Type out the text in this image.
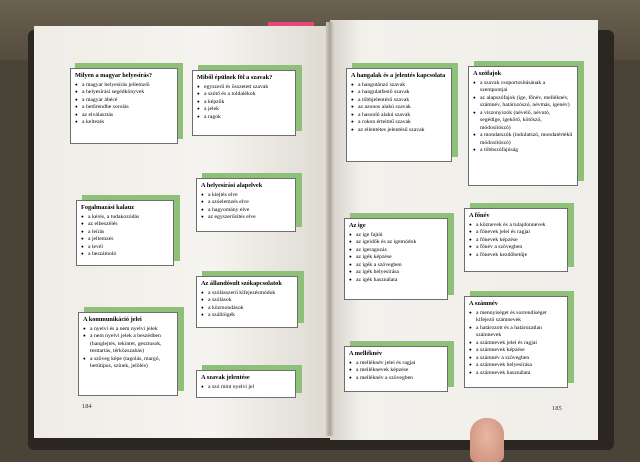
Milyen a magyar helyesírás?
● a magyar helyesírás jellemzői
● a helyesírási segédkönyvek
● a magyar ábécé
● a betűrendbe sorolás
● az elválasztás
● a keltezés
Miből épülnek föl a szavak?
● egyszerű és összetett szavak
● a szótő és a toldalékok
● a képzők
● a jelek
● a ragok
Fogalmazási kalauz
● a kérés, a tudakozódás
● az elbeszélés
● a leírás
● a jellemzés
● a levél
● a beszámoló
A helyesírási alapelvek
● a kiejtés elve
● a szóelemzés elve
● a hagyomány elve
● az egyszerűsítés elve
Az állandósult szókapcsolatok
● a szólásszerű kifejezésmódok
● a szólások
● a közmondások
● a szállóigék
A kommunikáció jelei
● a nyelvi és a nem nyelvi jelek
● a nem nyelvi jelek a beszédben (hanglejtés, tekintet, gesztusok, testtartás, térközszabás)
● a szöveg képe (tagolás, margó, betűtípus, színek, jelölés)
A szavak jelentése
● a szó mint nyelvi jel
184
A hangalak és a jelentés kapcsolata
● a hangutánzó szavak
● a hangulatfestő szavak
● a többjelentésű szavak
● az azonos alakú szavak
● a hasonló alakú szavak
● a rokon értelmű szavak
● az ellentétes jelentésű szavak
A szófajok
● a szavak csoportosításának a szempontjai
● az alapszófajok (ige, főnév, melléknév, számnév, határozószó, névmás, igenév)
● a viszonyszók (névelő, névutó, segédige, igekötő, kötőszó, módosítószó)
● a mondatszók (indulatszó, mondatértékű módosítószó)
● a többszófajúság
Az ige
● az ige fajtái
● az igeidők és az igemódok
● az igeragozás
● az igék képzése
● az igék a szövegben
● az igék helyesírása
● az igék használata
A főnév
● a köznevek és a tulajdonnevek
● a főnevek jelei és ragjai
● a főnevek képzése
● a főnév a szövegben
● a főnevek kezdőbetűje
A melléknév
● a melléknév jelei és ragjai
● a melléknevek képzése
● a melléknév a szövegben
A számnév
● a mennyiséget és sorrendiséget kifejező számnevek
● a határozott és a határozatlan számnevek
● a számnevek jelei és ragjai
● a számnevek képzése
● a számnév a szövegben
● a számnevek helyesírása
● a számnevek használata
185
